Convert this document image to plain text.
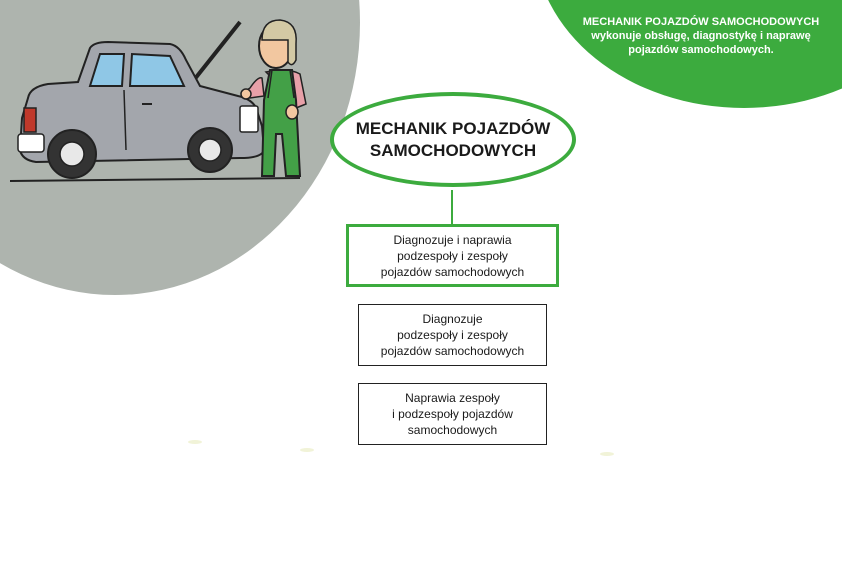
MECHANIK POJAZDÓW SAMOCHODOWYCH
wykonuje obsługę, diagnostykę i naprawę
pojazdów samochodowych.
MECHANIK POJAZDÓW
SAMOCHODOWYCH
Diagnozuje i naprawia
podzespoły i zespoły
pojazdów samochodowych
Diagnozuje
podzespoły i zespoły
pojazdów samochodowych
Naprawia zespoły
i podzespoły pojazdów
samochodowych
